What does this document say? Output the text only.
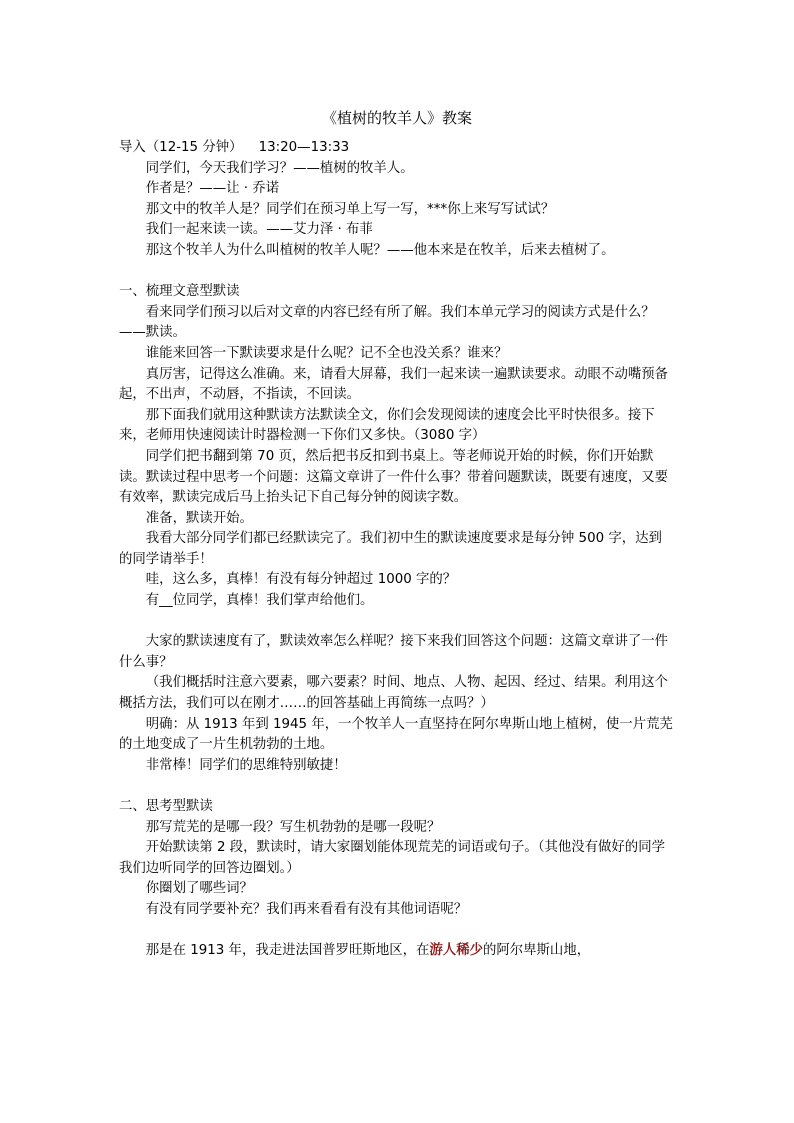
《植树的牧羊人》教案

导入（12-15 分钟） 13:20—13:33

同学们，今天我们学习？——植树的牧羊人。

作者是？——让 · 乔诺

那文中的牧羊人是？同学们在预习单上写一写，***你上来写写试试？

我们一起来读一读。——艾力泽 · 布菲

那这个牧羊人为什么叫植树的牧羊人呢？——他本来是在牧羊，后来去植树了。

一、梳理文意型默读

看来同学们预习以后对文章的内容已经有所了解。我们本单元学习的阅读方式是什么？——默读。

谁能来回答一下默读要求是什么呢？记不全也没关系？谁来？

真厉害，记得这么准确。来，请看大屏幕，我们一起来读一遍默读要求。动眼不动嘴预备起，不出声，不动唇，不指读，不回读。

那下面我们就用这种默读方法默读全文，你们会发现阅读的速度会比平时快很多。接下来，老师用快速阅读计时器检测一下你们又多快。（3080 字）

同学们把书翻到第 70 页，然后把书反扣到书桌上。等老师说开始的时候，你们开始默读。默读过程中思考一个问题：这篇文章讲了一件什么事？带着问题默读，既要有速度，又要有效率，默读完成后马上抬头记下自己每分钟的阅读字数。

准备，默读开始。

我看大部分同学们都已经默读完了。我们初中生的默读速度要求是每分钟 500 字，达到的同学请举手！

哇，这么多，真棒！有没有每分钟超过 1000 字的？

有__位同学，真棒！我们掌声给他们。

大家的默读速度有了，默读效率怎么样呢？接下来我们回答这个问题：这篇文章讲了一件什么事？

（我们概括时注意六要素，哪六要素？时间、地点、人物、起因、经过、结果。利用这个概括方法，我们可以在刚才……的回答基础上再简练一点吗？）

明确：从 1913 年到 1945 年，一个牧羊人一直坚持在阿尔卑斯山地上植树，使一片荒芜的土地变成了一片生机勃勃的土地。

非常棒！同学们的思维特别敏捷！

二、思考型默读

那写荒芜的是哪一段？写生机勃勃的是哪一段呢？

开始默读第 2 段，默读时，请大家圈划能体现荒芜的词语或句子。（其他没有做好的同学我们边听同学的回答边圈划。）

你圈划了哪些词？

有没有同学要补充？我们再来看看有没有其他词语呢？

那是在 1913 年，我走进法国普罗旺斯地区，在游人稀少的阿尔卑斯山地，
